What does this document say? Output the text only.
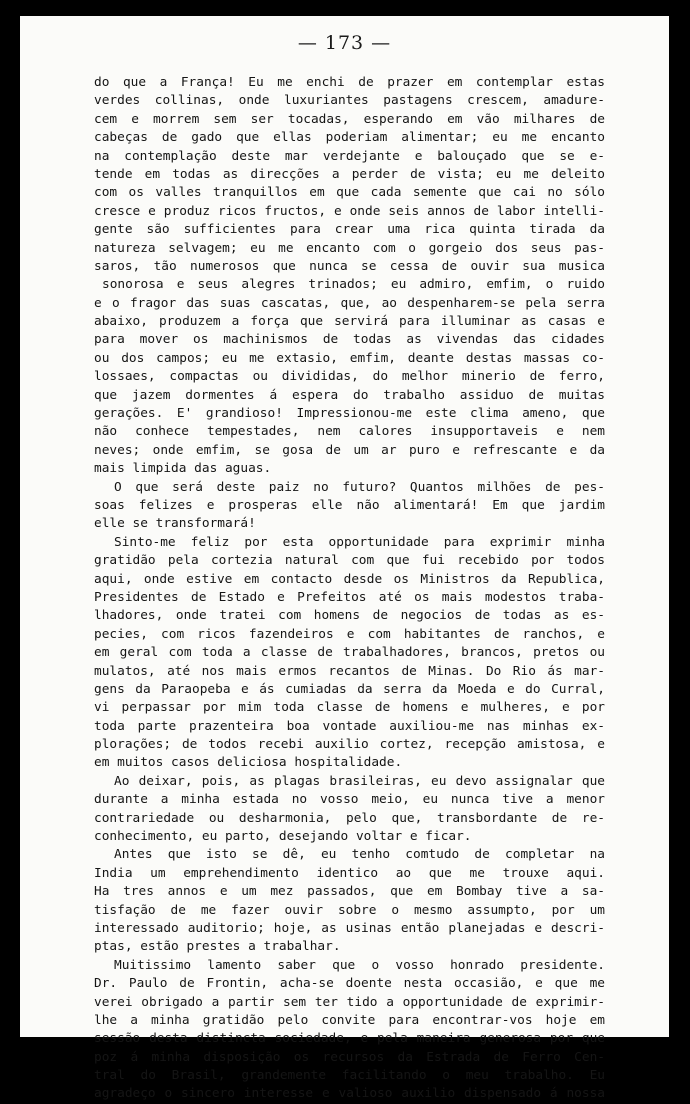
— 173 —
do que a França! Eu me enchi de prazer em contemplar estas
verdes collinas, onde luxuriantes pastagens crescem, amadure-
cem e morrem sem ser tocadas, esperando em vão milhares de
cabeças de gado que ellas poderiam alimentar; eu me encanto
na contemplação deste mar verdejante e balouçado que se e-
tende em todas as direcções a perder de vista; eu me deleito
com os valles tranquillos em que cada semente que cai no sólo
cresce e produz ricos fructos, e onde seis annos de labor intelli-
gente são sufficientes para crear uma rica quinta tirada da
natureza selvagem; eu me encanto com o gorgeio dos seus pas-
saros, tão numerosos que nunca se cessa de ouvir sua musica
sonorosa e seus alegres trinados; eu admiro, emfim, o ruido
e o fragor das suas cascatas, que, ao despenharem-se pela serra
abaixo, produzem a força que servirá para illuminar as casas e
para mover os machinismos de todas as vivendas das cidades
ou dos campos; eu me extasio, emfim, deante destas massas co-
lossaes, compactas ou divididas, do melhor minerio de ferro,
que jazem dormentes á espera do trabalho assiduo de muitas
gerações. E' grandioso! Impressionou-me este clima ameno, que
não conhece tempestades, nem calores insupportaveis e nem
neves; onde emfim, se gosa de um ar puro e refrescante e da
mais limpida das aguas.
O que será deste paiz no futuro? Quantos milhões de pes-
soas felizes e prosperas elle não alimentará! Em que jardim
elle se transformará!
Sinto-me feliz por esta opportunidade para exprimir minha
gratidão pela cortezia natural com que fui recebido por todos
aqui, onde estive em contacto desde os Ministros da Republica,
Presidentes de Estado e Prefeitos até os mais modestos traba-
lhadores, onde tratei com homens de negocios de todas as es-
pecies, com ricos fazendeiros e com habitantes de ranchos, e
em geral com toda a classe de trabalhadores, brancos, pretos ou
mulatos, até nos mais ermos recantos de Minas. Do Rio ás mar-
gens da Paraopeba e ás cumiadas da serra da Moeda e do Curral,
vi perpassar por mim toda classe de homens e mulheres, e por
toda parte prazenteira boa vontade auxiliou-me nas minhas ex-
plorações; de todos recebi auxilio cortez, recepção amistosa, e
em muitos casos deliciosa hospitalidade.
Ao deixar, pois, as plagas brasileiras, eu devo assignalar que
durante a minha estada no vosso meio, eu nunca tive a menor
contrariedade ou desharmonia, pelo que, transbordante de re-
conhecimento, eu parto, desejando voltar e ficar.
Antes que isto se dê, eu tenho comtudo de completar na
India um emprehendimento identico ao que me trouxe aqui.
Ha tres annos e um mez passados, que em Bombay tive a sa-
tisfação de me fazer ouvir sobre o mesmo assumpto, por um
interessado auditorio; hoje, as usinas então planejadas e descri-
ptas, estão prestes a trabalhar.
Muitissimo lamento saber que o vosso honrado presidente.
Dr. Paulo de Frontin, acha-se doente nesta occasião, e que me
verei obrigado a partir sem ter tido a opportunidade de exprimir-
lhe a minha gratidão pelo convite para encontrar-vos hoje em
sessão desta distincta sociedade, e pela maneira generosa por que
poz á minha disposição os recursos da Estrada de Ferro Cen-
tral do Brasil, grandemente facilitando o meu trabalho. Eu
agradeço o sincero interesse e valioso auxilio dispensado á nossa
